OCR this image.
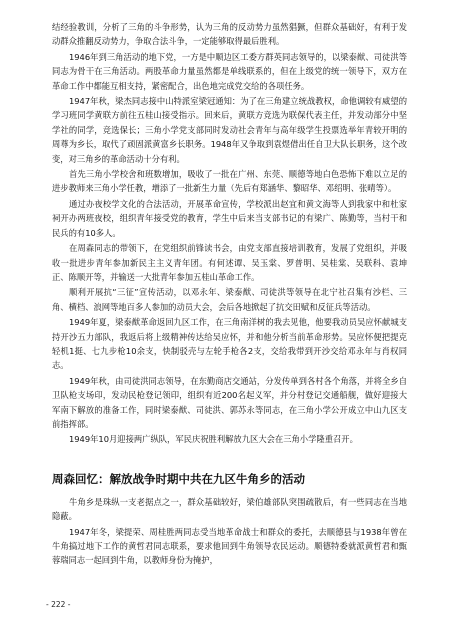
结经验教训，分析了三角的斗争形势，认为三角的反动势力虽然猖獗，但群众基础好，有利于发动群众推翻反动势力，争取合法斗争，一定能够取得最后胜利。

1946年到三角活动的地下党，一方是中顺边区工委方群英同志领导的，以梁泰猷、司徒洪等同志为骨干在三角活动。两股革命力量虽然都是单线联系的，但在上级党的统一领导下，双方在革命工作中都能互相支持，紧密配合，出色地完成党交给的各项任务。

1947年秋，梁杰同志接中山特派室梁冠通知：为了在三角建立统战教权，命他调较有威望的学习班同学黄联方前往五桂山接受指示。回来后，黄联方竞选为联保代表主任，并发动部分中坚学社的同学，竞选保长；三角小学党支部同时发动社会青年与高年级学生投票选举年青较开明的周尊为乡长，取代了顽固派黄富乡长职务。1948年又争取到袁煜借出任自卫大队长职务，这个改变，对三角乡的革命活动十分有利。

首先三角小学校舍和班数增加，吸收了一批在广州、东莞、顺德等地白色恐怖下难以立足的进步教师来三角小学任教，增添了一批新生力量（先后有郑涵华、黎昭华、邓绍明、张晴等）。

通过办夜校学文化的合法活动，开展革命宣传，学校派出赵宜和黄文海等人到我家中和杜家祠开办两班夜校，组织青年接受党的教育，学生中后来当支部书记的有梁广、陈勤等，当村干和民兵的有10多人。

在周森同志的带领下，在党组织前锋读书会，由党支部直接培训教育，发展了党组织，并吸收一批进步青年参加新民主主义青年团。有何述谭、吴玉棠、罗普明、吴桂棠、吴联科、袁坤正、陈顺开等，并输送一大批青年参加五桂山革命工作。

顺利开展抗“三征”宣传活动，以邓永年、梁泰猷、司徒洪等领导在北宁社召集有沙栏、三角、横档、浪网等地百多人参加的动员大会，会后各地掀起了抗交田赋和反征兵等活动。

1949年夏，梁泰猷革命返回九区工作，在三角南洋树的我去见他，他要我动员吴应怀献城支持开沙五力部队，我返后将上级精神传达给吴应怀，并和他分析当前革命形势。吴应怀便把提克轻机1挺、七九步枪10余支，快制驳壳与左轮手枪各2支，交给我带到开沙交给邓永年与肖权同志。

1949年秋，由司徒洪同志领导，在东勤商店交通站，分发传单到各村各个角落，并将全乡自卫队枪支场印，发动民枪登记领印，组织有近200名起义军，并分村登记交通船舰，做好迎接大军南下解放的准备工作，同时梁泰猷、司徒洪、郭苏永等同志，在三角小学公开成立中山九区支前指挥部。

1949年10月迎接两广纵队，军民庆祝胜利解放九区大会在三角小学隆重召开。

周森回忆：解放战争时期中共在九区牛角乡的活动

牛角乡是珠纵一支老据点之一，群众基础较好，梁伯雄部队突围疏散后，有一些同志在当地隐蔽。

1947年冬，梁提荣、周桂胜两同志受当地革命战士和群众的委托，去顺德县与1938年曾在牛角搞过地下工作的黄哲君同志联系，要求他回到牛角领导农民运动。顺德特委就派黄哲君和甄蓉瑞同志一起回到牛角，以教师身份为掩护，

- 222 -
